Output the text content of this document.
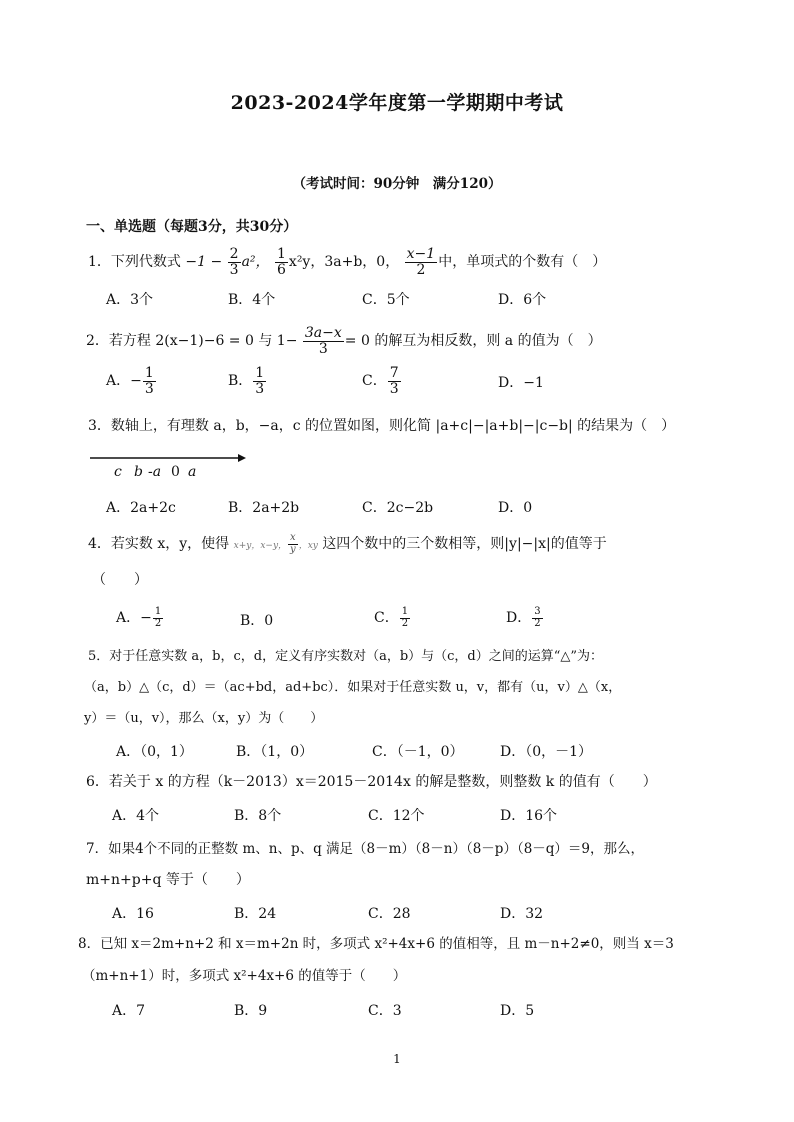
2023-2024学年度第一学期期中考试
（考试时间：90分钟　满分120）
一、单选题（每题3分，共30分）
1．下列代数式 $-1 - \frac{2}{3} a^2$， $\frac{1}{6} x^2y$，3a+b，0， $\frac{x-1}{2}$ 中，单项式的个数有（　）
A．3个	B．4个	C．5个	D．6个
2．若方程 2(x−1)−6 = 0 与 $1- \frac{3a-x}{3} = 0$ 的解互为相反数，则 a 的值为（　）
A．− $\frac{1}{3}$	B． $\frac{1}{3}$	C． $\frac{7}{3}$	D．−1
3．数轴上，有理数 a，b，−a，c 的位置如图，则化简 |a+c|−|a+b|−|c−b| 的结果为（　）
c b -a 0 a
A．2a+2c	B．2a+2b	C．2c−2b	D．0
4．若实数 x，y，使得 x+y，x−y， $\frac{x}{y}$ ，xy 这四个数中的三个数相等，则|y|−|x|的值等于
（　　）
A．− $\frac{1}{2}$	B．0	C． $\frac{1}{2}$	D． $\frac{3}{2}$
5．对于任意实数 a，b，c，d，定义有序实数对（a，b）与（c，d）之间的运算“△”为：
（a，b）△（c，d）＝（ac+bd，ad+bc）．如果对于任意实数 u，v，都有（u，v）△（x，
y）＝（u，v），那么（x，y）为（　　）
A．（0，1）	B．（1，0）	C．（－1，0）	D．（0，－1）
6．若关于 x 的方程（k－2013）x＝2015－2014x 的解是整数，则整数 k 的值有（　　）
A．4个	B．8个	C．12个	D．16个
7．如果4个不同的正整数 m、n、p、q 满足（8－m）（8－n）（8－p）（8－q）＝9，那么，
m+n+p+q 等于（　　）
A．16	B．24	C．28	D．32
8．已知 x＝2m+n+2 和 x＝m+2n 时，多项式 x²+4x+6 的值相等，且 m－n+2≠0，则当 x＝3
（m+n+1）时，多项式 x²+4x+6 的值等于（　　）
A．7	B．9	C．3	D．5
1
